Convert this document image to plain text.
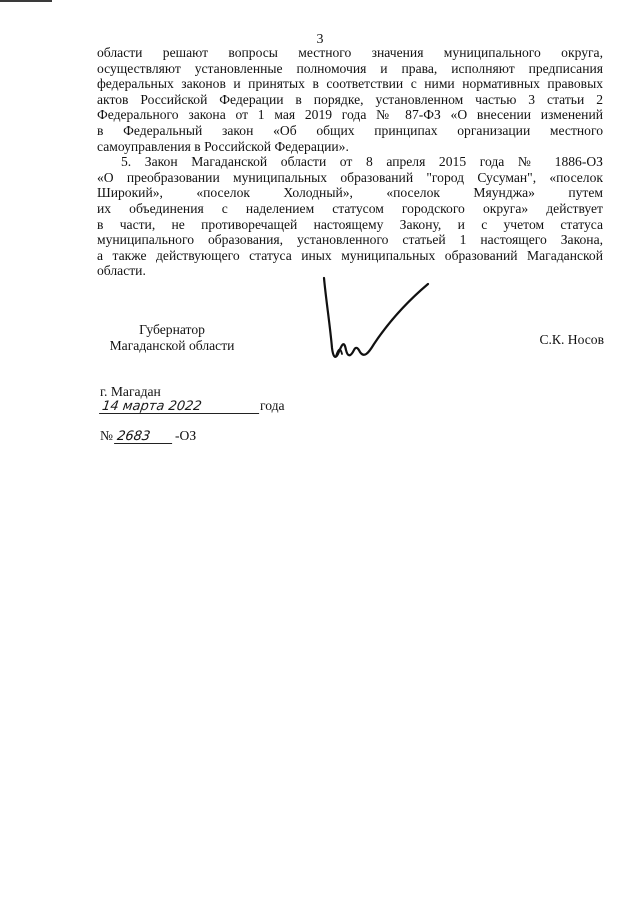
3
области решают вопросы местного значения муниципального округа,
осуществляют установленные полномочия и права, исполняют предписания
федеральных законов и принятых в соответствии с ними нормативных правовых
актов Российской Федерации в порядке, установленном частью 3 статьи 2
Федерального закона от 1 мая 2019 года № 87-ФЗ «О внесении изменений
в Федеральный закон «Об общих принципах организации местного
самоуправления в Российской Федерации».
5. Закон Магаданской области от 8 апреля 2015 года № 1886-ОЗ
«О преобразовании муниципальных образований "город Сусуман", «поселок
Широкий», «поселок Холодный», «поселок Мяунджа» путем
их объединения с наделением статусом городского округа» действует
в части, не противоречащей настоящему Закону, и с учетом статуса
муниципального образования, установленного статьей 1 настоящего Закона,
а также действующего статуса иных муниципальных образований Магаданской
области.
Губернатор
Магаданской области	С.К. Носов
г. Магадан
14 марта 2022	года
№ 2683	-ОЗ
